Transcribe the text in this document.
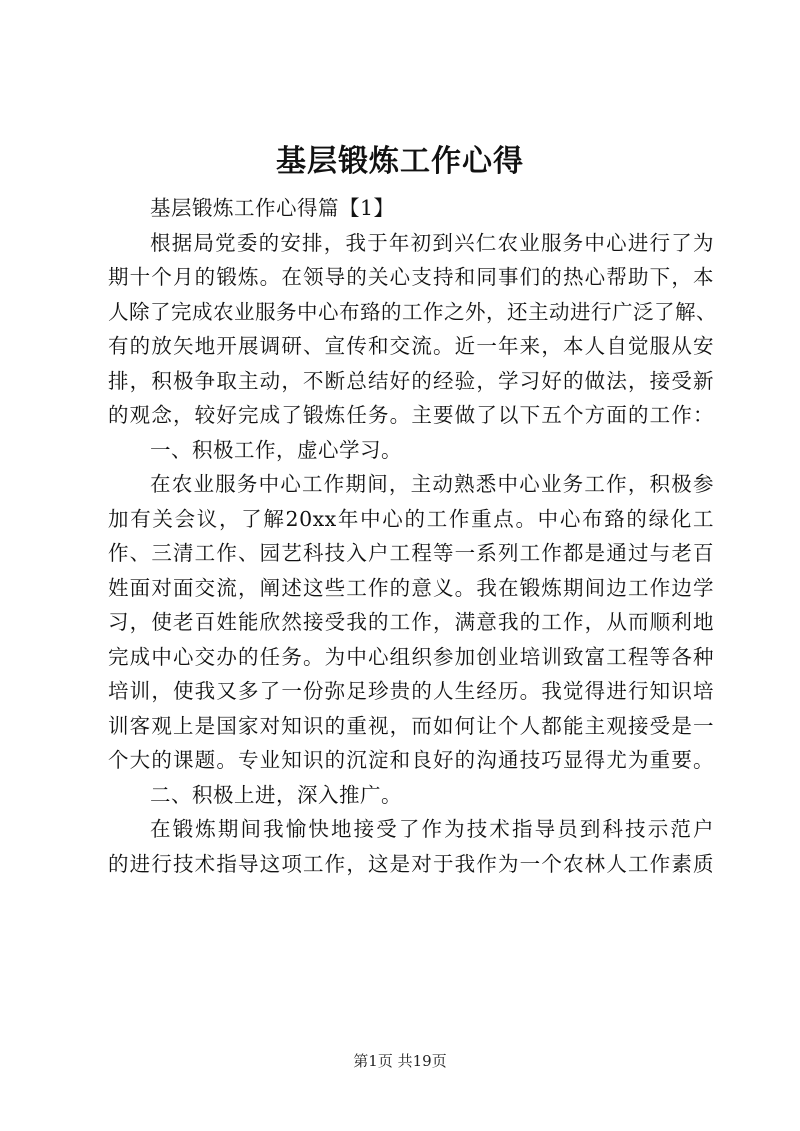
基层锻炼工作心得
基层锻炼工作心得篇【1】
根据局党委的安排，我于年初到兴仁农业服务中心进行了为
期十个月的锻炼。在领导的关心支持和同事们的热心帮助下，本
人除了完成农业服务中心布臵的工作之外，还主动进行广泛了解、
有的放矢地开展调研、宣传和交流。近一年来，本人自觉服从安
排，积极争取主动，不断总结好的经验，学习好的做法，接受新
的观念，较好完成了锻炼任务。主要做了以下五个方面的工作：
一、积极工作，虚心学习。
在农业服务中心工作期间，主动熟悉中心业务工作，积极参
加有关会议，了解20xx年中心的工作重点。中心布臵的绿化工
作、三清工作、园艺科技入户工程等一系列工作都是通过与老百
姓面对面交流，阐述这些工作的意义。我在锻炼期间边工作边学
习，使老百姓能欣然接受我的工作，满意我的工作，从而顺利地
完成中心交办的任务。为中心组织参加创业培训致富工程等各种
培训，使我又多了一份弥足珍贵的人生经历。我觉得进行知识培
训客观上是国家对知识的重视，而如何让个人都能主观接受是一
个大的课题。专业知识的沉淀和良好的沟通技巧显得尤为重要。
二、积极上进，深入推广。
在锻炼期间我愉快地接受了作为技术指导员到科技示范户
的进行技术指导这项工作，这是对于我作为一个农林人工作素质
第1页 共19页
